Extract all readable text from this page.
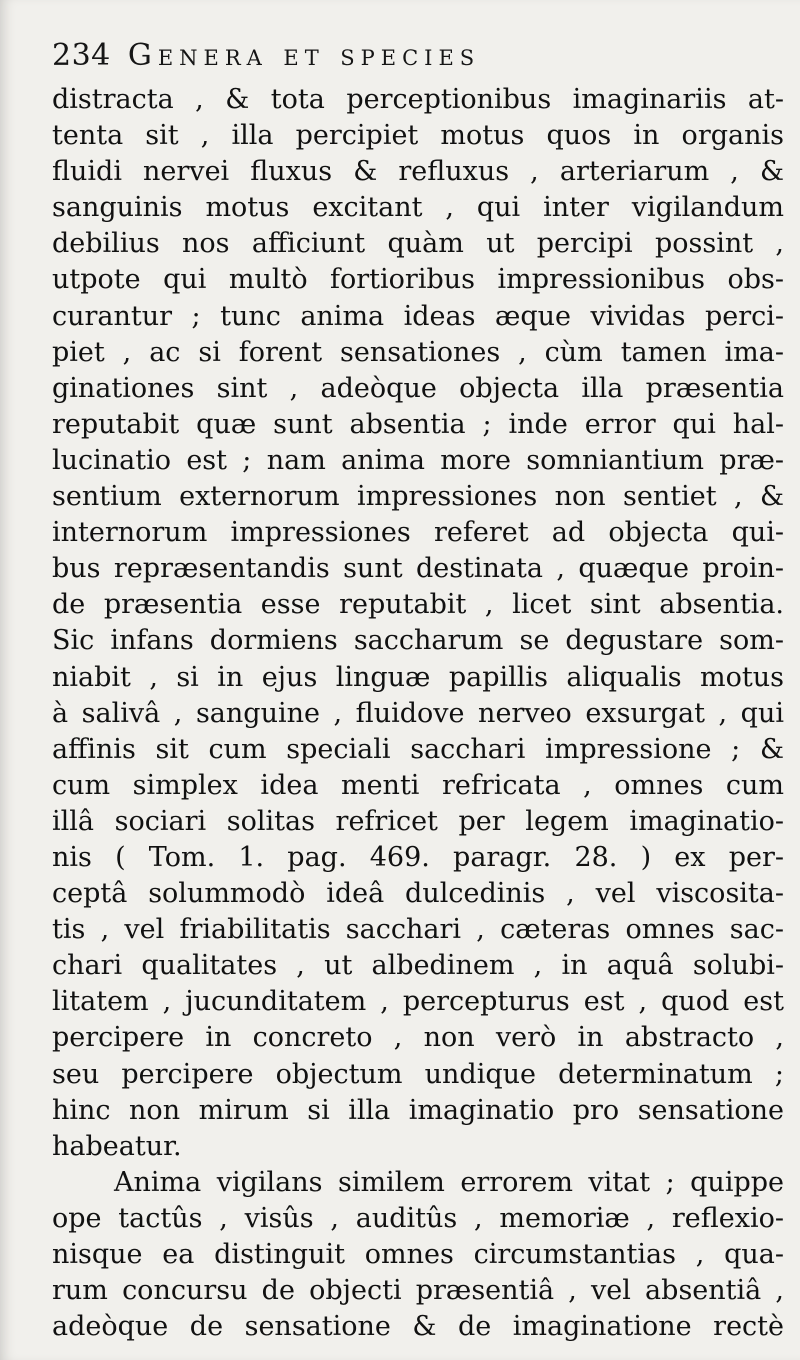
234 Genera et species
distracta , & tota perceptionibus imaginariis at-
tenta sit , illa percipiet motus quos in organis
fluidi nervei fluxus & refluxus , arteriarum , &
sanguinis motus excitant , qui inter vigilandum
debilius nos afficiunt quàm ut percipi possint ,
utpote qui multò fortioribus impressionibus obs-
curantur ; tunc anima ideas æque vividas perci-
piet , ac si forent sensationes , cùm tamen ima-
ginationes sint , adeòque objecta illa præsentia
reputabit quæ sunt absentia ; inde error qui hal-
lucinatio est ; nam anima more somniantium præ-
sentium externorum impressiones non sentiet , &
internorum impressiones referet ad objecta qui-
bus repræsentandis sunt destinata , quæque proin-
de præsentia esse reputabit , licet sint absentia.
Sic infans dormiens saccharum se degustare som-
niabit , si in ejus linguæ papillis aliqualis motus
à salivâ , sanguine , fluidove nerveo exsurgat , qui
affinis sit cum speciali sacchari impressione ; &
cum simplex idea menti refricata , omnes cum
illâ sociari solitas refricet per legem imaginatio-
nis ( Tom. 1. pag. 469. paragr. 28. ) ex per-
ceptâ solummodò ideâ dulcedinis , vel viscosita-
tis , vel friabilitatis sacchari , cæteras omnes sac-
chari qualitates , ut albedinem , in aquâ solubi-
litatem , jucunditatem , percepturus est , quod est
percipere in concreto , non verò in abstracto ,
seu percipere objectum undique determinatum ;
hinc non mirum si illa imaginatio pro sensatione
habeatur.
Anima vigilans similem errorem vitat ; quippe
ope tactûs , visûs , auditûs , memoriæ , reflexio-
nisque ea distinguit omnes circumstantias , qua-
rum concursu de objecti præsentiâ , vel absentiâ ,
adeòque de sensatione & de imaginatione rectè
